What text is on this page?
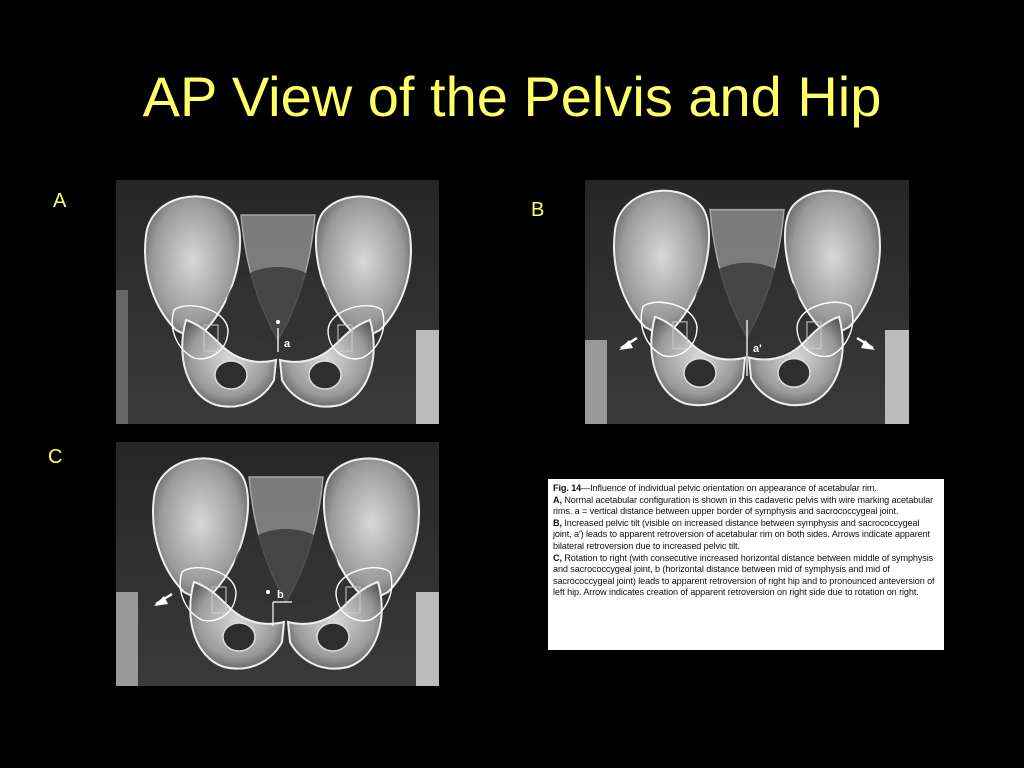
AP View of the Pelvis and Hip
A	B
C
a	a'
b

Fig. 14—Influence of individual pelvic orientation on appearance of acetabular rim.

A, Normal acetabular configuration is shown in this cadaveric pelvis with wire marking acetabular rims. a = vertical distance between upper border of symphysis and sacrococcygeal joint.

B, Increased pelvic tilt (visible on increased distance between symphysis and sacrococcygeal joint, a′) leads to apparent retroversion of acetabular rim on both sides. Arrows indicate apparent bilateral retroversion due to increased pelvic tilt.

C, Rotation to right (with consecutive increased horizontal distance between middle of symphysis and sacrococcygeal joint, b (horizontal distance between mid of symphysis and mid of sacrococcygeal joint) leads to apparent retroversion of right hip and to pronounced anteversion of left hip. Arrow indicates creation of apparent retroversion on right side due to rotation on right.
